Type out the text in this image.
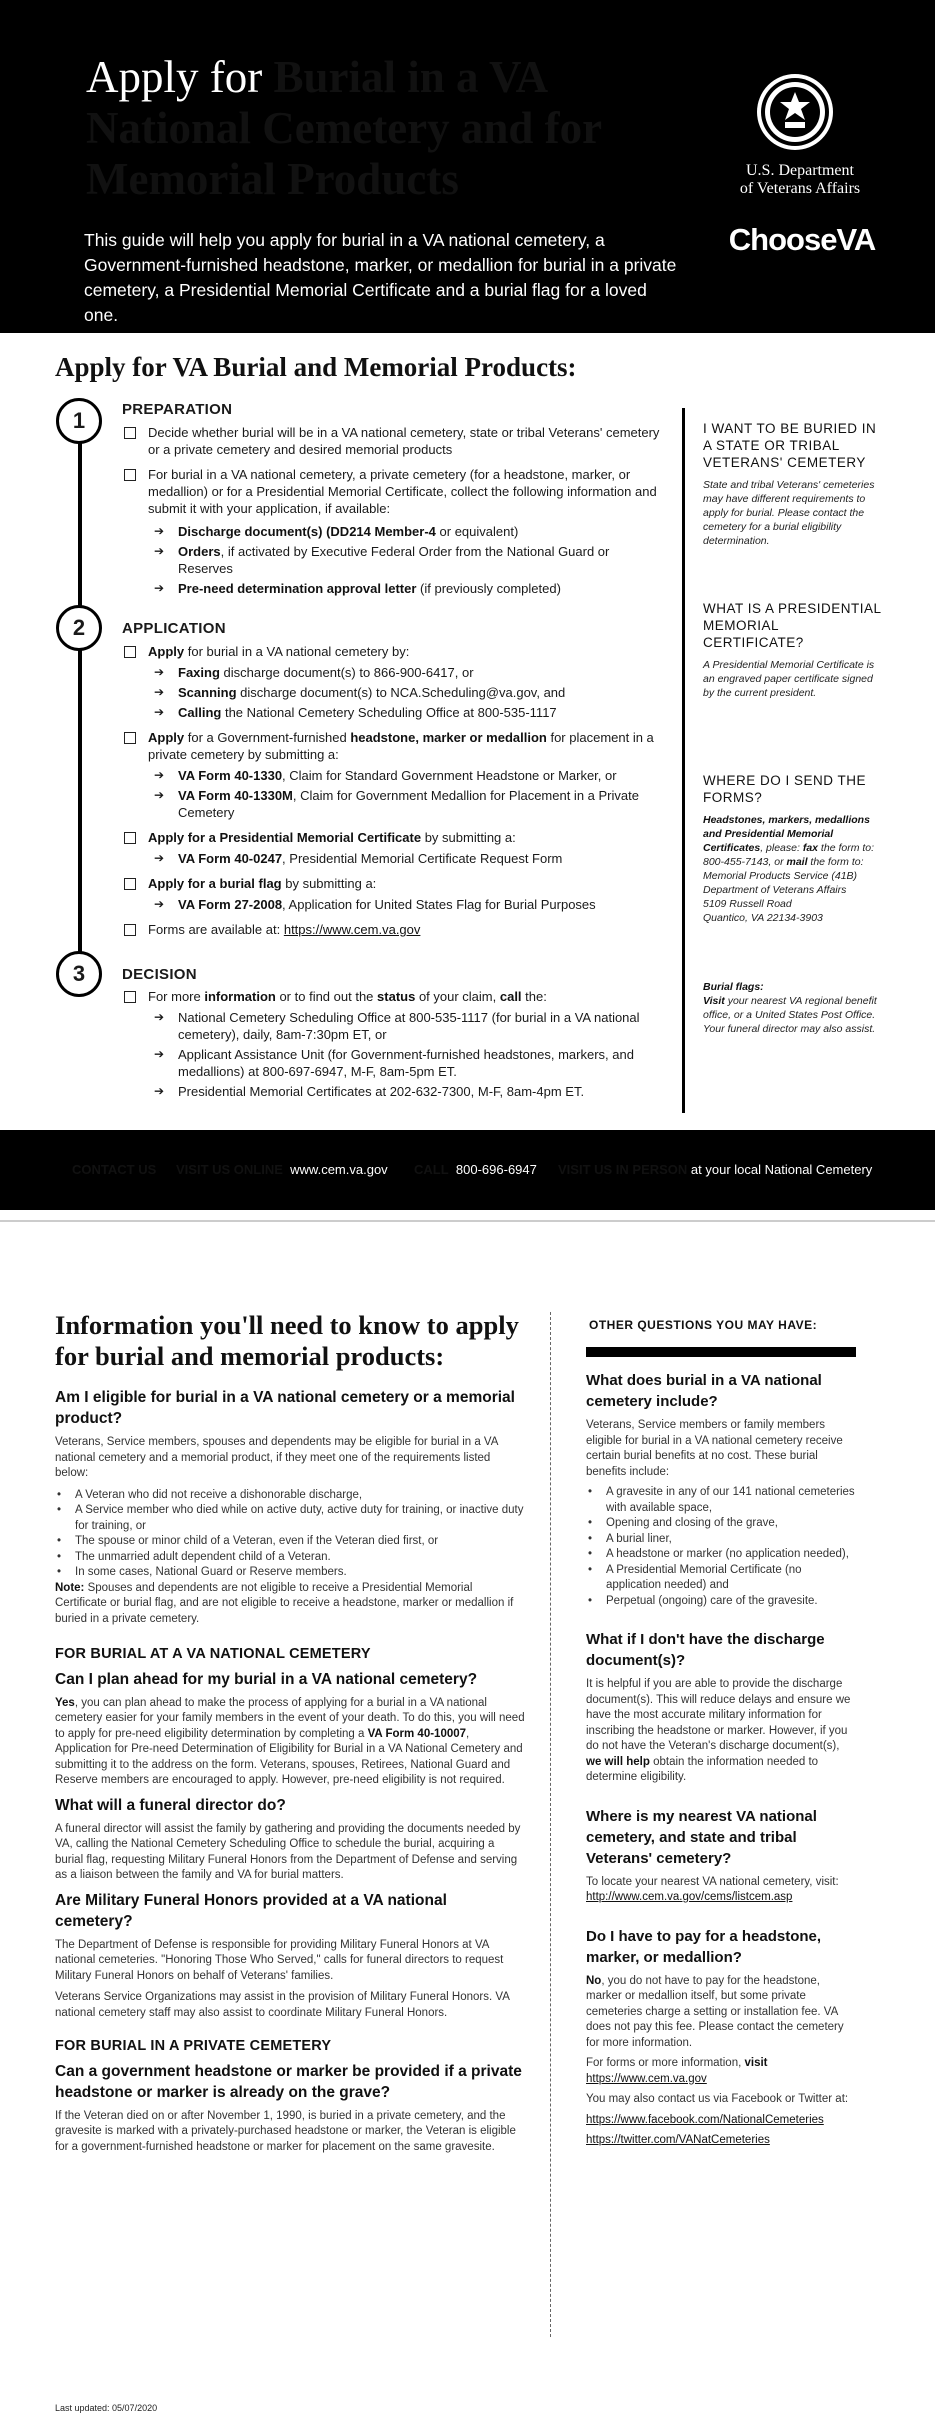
Apply for Burial in a VA National Cemetery and for Memorial Products

This guide will help you apply for burial in a VA national cemetery, a Government-furnished headstone, marker, or medallion for burial in a private cemetery, a Presidential Memorial Certificate and a burial flag for a loved one.

U.S. Department
of Veterans Affairs
ChooseVA
Apply for VA Burial and Memorial Products:
1	PREPARATION
Decide whether burial will be in a VA national cemetery, state or tribal Veterans' cemetery or a private cemetery and desired memorial products
For burial in a VA national cemetery, a private cemetery (for a headstone, marker, or medallion) or for a Presidential Memorial Certificate, collect the following information and submit it with your application, if available:
➔ Discharge document(s) (DD214 Member-4 or equivalent)
➔ Orders, if activated by Executive Federal Order from the National Guard or Reserves
➔ Pre-need determination approval letter (if previously completed)
2	APPLICATION
Apply for burial in a VA national cemetery by:
➔ Faxing discharge document(s) to 866-900-6417, or
➔ Scanning discharge document(s) to NCA.Scheduling@va.gov, and
➔ Calling the National Cemetery Scheduling Office at 800-535-1117
Apply for a Government-furnished headstone, marker or medallion for placement in a private cemetery by submitting a:
➔ VA Form 40-1330, Claim for Standard Government Headstone or Marker, or
➔ VA Form 40-1330M, Claim for Government Medallion for Placement in a Private Cemetery
Apply for a Presidential Memorial Certificate by submitting a:
➔ VA Form 40-0247, Presidential Memorial Certificate Request Form
Apply for a burial flag by submitting a:
➔ VA Form 27-2008, Application for United States Flag for Burial Purposes
Forms are available at: https://www.cem.va.gov
3	DECISION
For more information or to find out the status of your claim, call the:
➔ National Cemetery Scheduling Office at 800-535-1117 (for burial in a VA national cemetery), daily, 8am-7:30pm ET, or
➔ Applicant Assistance Unit (for Government-furnished headstones, markers, and medallions) at 800-697-6947, M-F, 8am-5pm ET.
➔ Presidential Memorial Certificates at 202-632-7300, M-F, 8am-4pm ET.
I WANT TO BE BURIED IN A STATE OR TRIBAL VETERANS' CEMETERY

State and tribal Veterans' cemeteries may have different requirements to apply for burial. Please contact the cemetery for a burial eligibility determination.

WHAT IS A PRESIDENTIAL MEMORIAL CERTIFICATE?

A Presidential Memorial Certificate is an engraved paper certificate signed by the current president.

WHERE DO I SEND THE FORMS?

Headstones, markers, medallions and Presidential Memorial Certificates, please: fax the form to: 800-455-7143, or mail the form to:
Memorial Products Service (41B)
Department of Veterans Affairs
5109 Russell Road
Quantico, VA 22134-3903

Burial flags:
Visit your nearest VA regional benefit office, or a United States Post Office. Your funeral director may also assist.

CONTACT US VISIT US ONLINE www.cem.va.gov CALL 800-696-6947 VISIT US IN PERSON at your local National Cemetery
Information you'll need to know to apply for burial and memorial products:
Am I eligible for burial in a VA national cemetery or a memorial product?

Veterans, Service members, spouses and dependents may be eligible for burial in a VA national cemetery and a memorial product, if they meet one of the requirements listed below:

• A Veteran who did not receive a dishonorable discharge,
• A Service member who died while on active duty, active duty for training, or inactive duty for training, or
• The spouse or minor child of a Veteran, even if the Veteran died first, or
• The unmarried adult dependent child of a Veteran.
• In some cases, National Guard or Reserve members.

Note: Spouses and dependents are not eligible to receive a Presidential Memorial Certificate or burial flag, and are not eligible to receive a headstone, marker or medallion if buried in a private cemetery.

FOR BURIAL AT A VA NATIONAL CEMETERY
Can I plan ahead for my burial in a VA national cemetery?

Yes, you can plan ahead to make the process of applying for a burial in a VA national cemetery easier for your family members in the event of your death. To do this, you will need to apply for pre-need eligibility determination by completing a VA Form 40-10007, Application for Pre-need Determination of Eligibility for Burial in a VA National Cemetery and submitting it to the address on the form. Veterans, spouses, Retirees, National Guard and Reserve members are encouraged to apply. However, pre-need eligibility is not required.

What will a funeral director do?

A funeral director will assist the family by gathering and providing the documents needed by VA, calling the National Cemetery Scheduling Office to schedule the burial, acquiring a burial flag, requesting Military Funeral Honors from the Department of Defense and serving as a liaison between the family and VA for burial matters.

Are Military Funeral Honors provided at a VA national cemetery?

The Department of Defense is responsible for providing Military Funeral Honors at VA national cemeteries. "Honoring Those Who Served," calls for funeral directors to request Military Funeral Honors on behalf of Veterans' families.

Veterans Service Organizations may assist in the provision of Military Funeral Honors. VA national cemetery staff may also assist to coordinate Military Funeral Honors.

FOR BURIAL IN A PRIVATE CEMETERY
Can a government headstone or marker be provided if a private headstone or marker is already on the grave?

If the Veteran died on or after November 1, 1990, is buried in a private cemetery, and the gravesite is marked with a privately-purchased headstone or marker, the Veteran is eligible for a government-furnished headstone or marker for placement on the same gravesite.

OTHER QUESTIONS YOU MAY HAVE:
What does burial in a VA national cemetery include?

Veterans, Service members or family members eligible for burial in a VA national cemetery receive certain burial benefits at no cost. These burial benefits include:

• A gravesite in any of our 141 national cemeteries with available space,
• Opening and closing of the grave,
• A burial liner,
• A headstone or marker (no application needed),
• A Presidential Memorial Certificate (no application needed) and
• Perpetual (ongoing) care of the gravesite.
What if I don't have the discharge document(s)?

It is helpful if you are able to provide the discharge document(s). This will reduce delays and ensure we have the most accurate military information for inscribing the headstone or marker. However, if you do not have the Veteran's discharge document(s), we will help obtain the information needed to determine eligibility.

Where is my nearest VA national cemetery, and state and tribal Veterans' cemetery?

To locate your nearest VA national cemetery, visit: http://www.cem.va.gov/cems/listcem.asp

Do I have to pay for a headstone, marker, or medallion?

No, you do not have to pay for the headstone, marker or medallion itself, but some private cemeteries charge a setting or installation fee. VA does not pay this fee. Please contact the cemetery for more information.

For forms or more information, visit
https://www.cem.va.gov

You may also contact us via Facebook or Twitter at:

https://www.facebook.com/NationalCemeteries

https://twitter.com/VANatCemeteries

Last updated: 05/07/2020
